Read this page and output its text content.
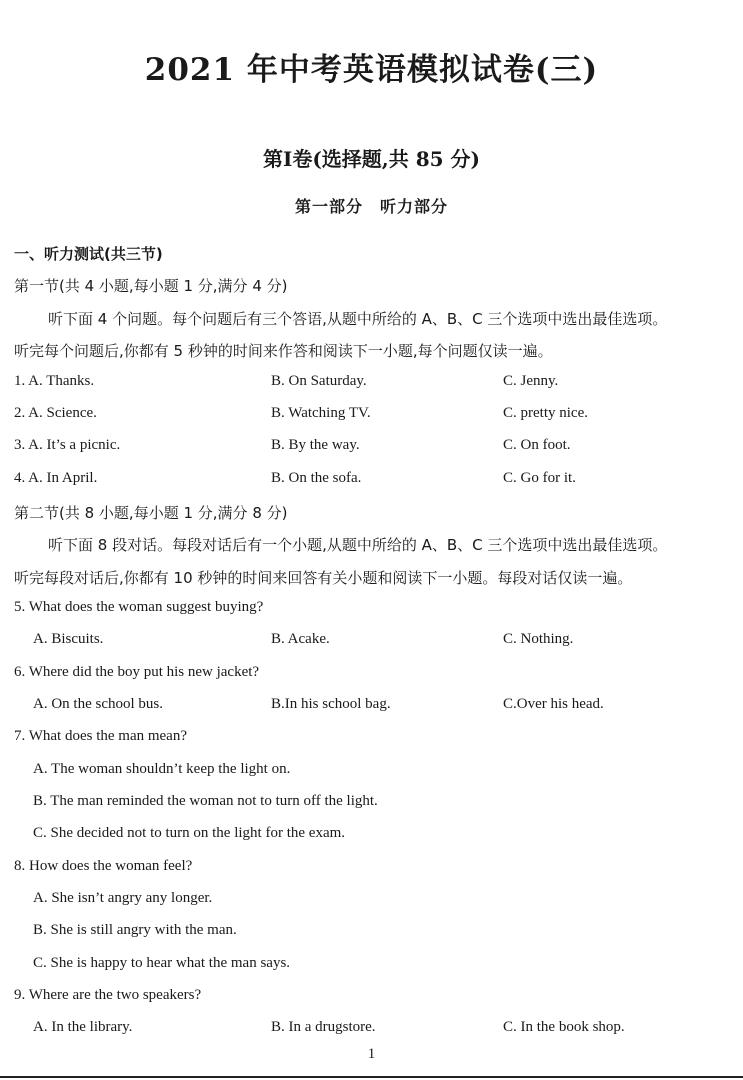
2021 年中考英语模拟试卷(三)
第Ⅰ卷(选择题,共 85 分)
第一部分　听力部分
一、听力测试(共三节)
第一节(共 4 小题,每小题 1 分,满分 4 分)
听下面 4 个问题。每个问题后有三个答语,从题中所给的 A、B、C 三个选项中选出最佳选项。
听完每个问题后,你都有 5 秒钟的时间来作答和阅读下一小题,每个问题仅读一遍。
1. A. Thanks.	B. On Saturday.	C. Jenny.
2. A. Science.	B. Watching TV.	C. pretty nice.
3. A. It’s a picnic.	B. By the way.	C. On foot.
4. A. In April.	B. On the sofa.	C. Go for it.
第二节(共 8 小题,每小题 1 分,满分 8 分)
听下面 8 段对话。每段对话后有一个小题,从题中所给的 A、B、C 三个选项中选出最佳选项。
听完每段对话后,你都有 10 秒钟的时间来回答有关小题和阅读下一小题。每段对话仅读一遍。
5. What does the woman suggest buying?
A. Biscuits.	B. Acake.	C. Nothing.
6. Where did the boy put his new jacket?
A. On the school bus.	B.In his school bag.	C.Over his head.
7. What does the man mean?
A. The woman shouldn’t keep the light on.
B. The man reminded the woman not to turn off the light.
C. She decided not to turn on the light for the exam.
8. How does the woman feel?
A. She isn’t angry any longer.
B. She is still angry with the man.
C. She is happy to hear what the man says.
9. Where are the two speakers?
A. In the library.	B. In a drugstore.	C. In the book shop.
1
